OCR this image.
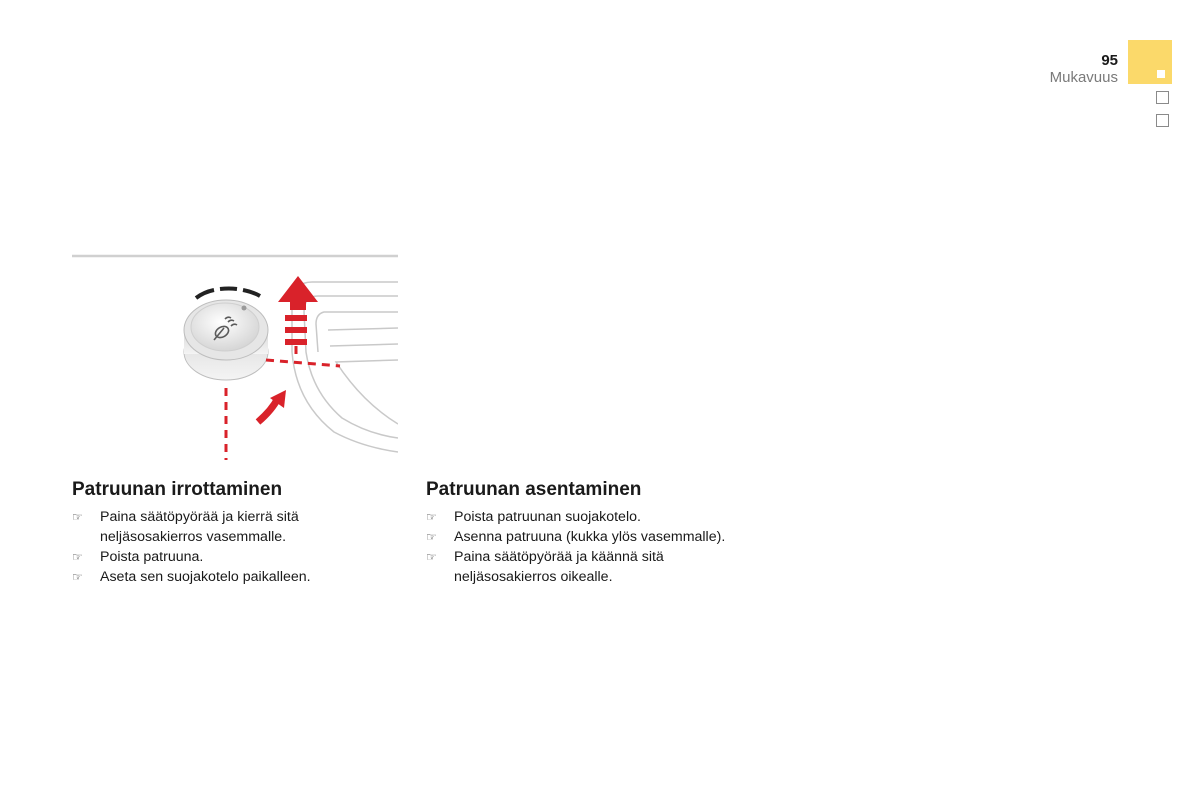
95
Mukavuus
Patruunan irrottaminen
☞ Paina säätöpyörää ja kierrä sitä neljäsosakierros vasemmalle.
☞ Poista patruuna.
☞ Aseta sen suojakotelo paikalleen.
Patruunan asentaminen
☞ Poista patruunan suojakotelo.
☞ Asenna patruuna (kukka ylös vasemmalle).
☞ Paina säätöpyörää ja käännä sitä neljäsosakierros oikealle.
